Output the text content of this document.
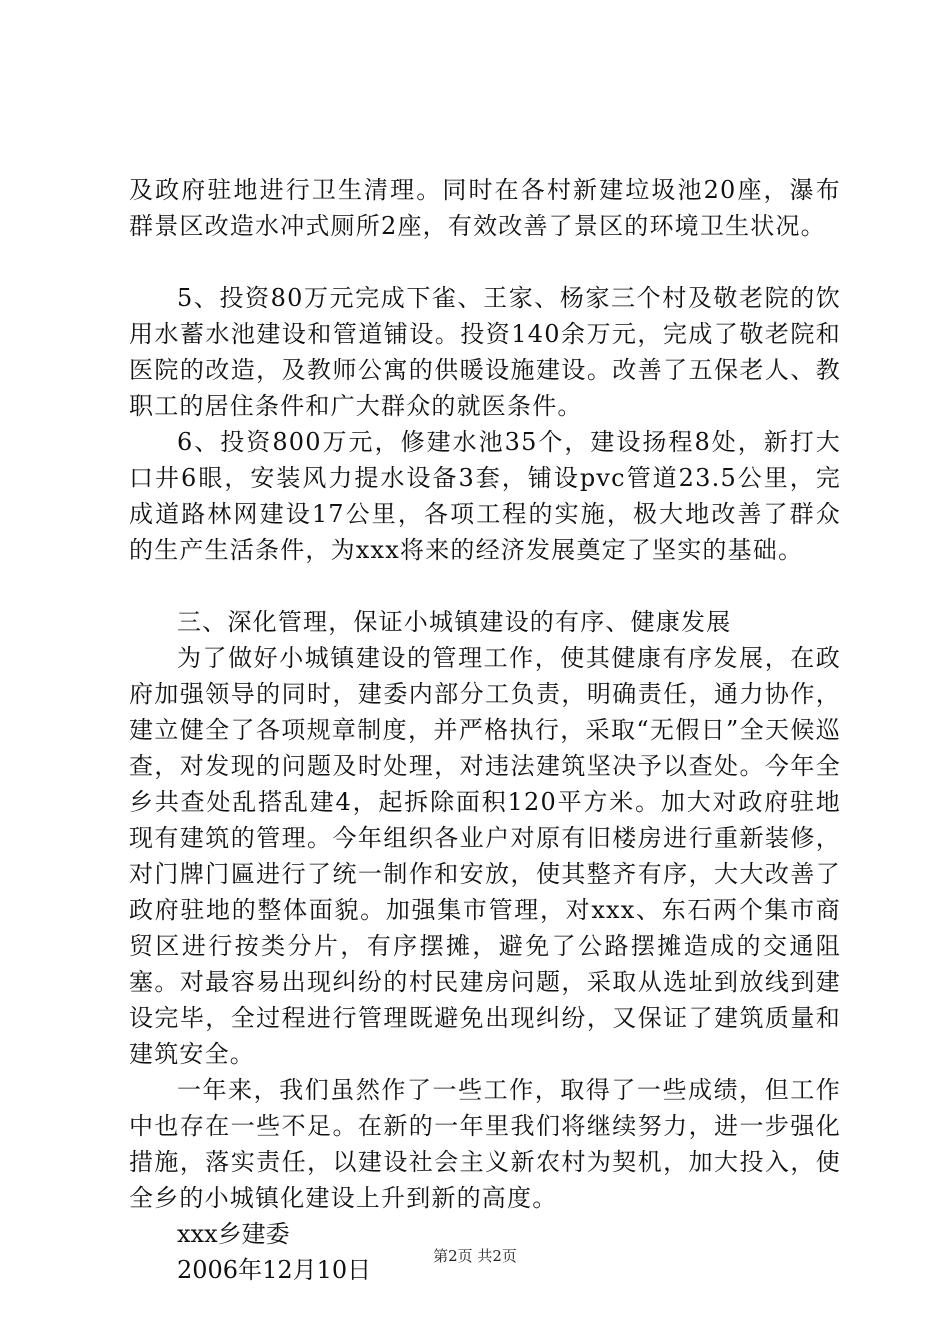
及政府驻地进行卫生清理。同时在各村新建垃圾池20座，瀑布群景区改造水冲式厕所2座，有效改善了景区的环境卫生状况。

5、投资80万元完成下雀、王家、杨家三个村及敬老院的饮用水蓄水池建设和管道铺设。投资140余万元，完成了敬老院和医院的改造，及教师公寓的供暖设施建设。改善了五保老人、教职工的居住条件和广大群众的就医条件。

6、投资800万元，修建水池35个，建设扬程8处，新打大口井6眼，安装风力提水设备3套，铺设pvc管道23.5公里，完成道路林网建设17公里，各项工程的实施，极大地改善了群众的生产生活条件，为xxx将来的经济发展奠定了坚实的基础。

三、深化管理，保证小城镇建设的有序、健康发展

为了做好小城镇建设的管理工作，使其健康有序发展，在政府加强领导的同时，建委内部分工负责，明确责任，通力协作，建立健全了各项规章制度，并严格执行，采取“无假日”全天候巡查，对发现的问题及时处理，对违法建筑坚决予以查处。今年全乡共查处乱搭乱建4，起拆除面积120平方米。加大对政府驻地现有建筑的管理。今年组织各业户对原有旧楼房进行重新装修，对门牌门匾进行了统一制作和安放，使其整齐有序，大大改善了政府驻地的整体面貌。加强集市管理，对xxx、东石两个集市商贸区进行按类分片，有序摆摊，避免了公路摆摊造成的交通阻塞。对最容易出现纠纷的村民建房问题，采取从选址到放线到建设完毕，全过程进行管理既避免出现纠纷，又保证了建筑质量和建筑安全。

一年来，我们虽然作了一些工作，取得了一些成绩，但工作中也存在一些不足。在新的一年里我们将继续努力，进一步强化措施，落实责任，以建设社会主义新农村为契机，加大投入，使全乡的小城镇化建设上升到新的高度。

xxx乡建委

2006年12月10日	第2页 共2页
